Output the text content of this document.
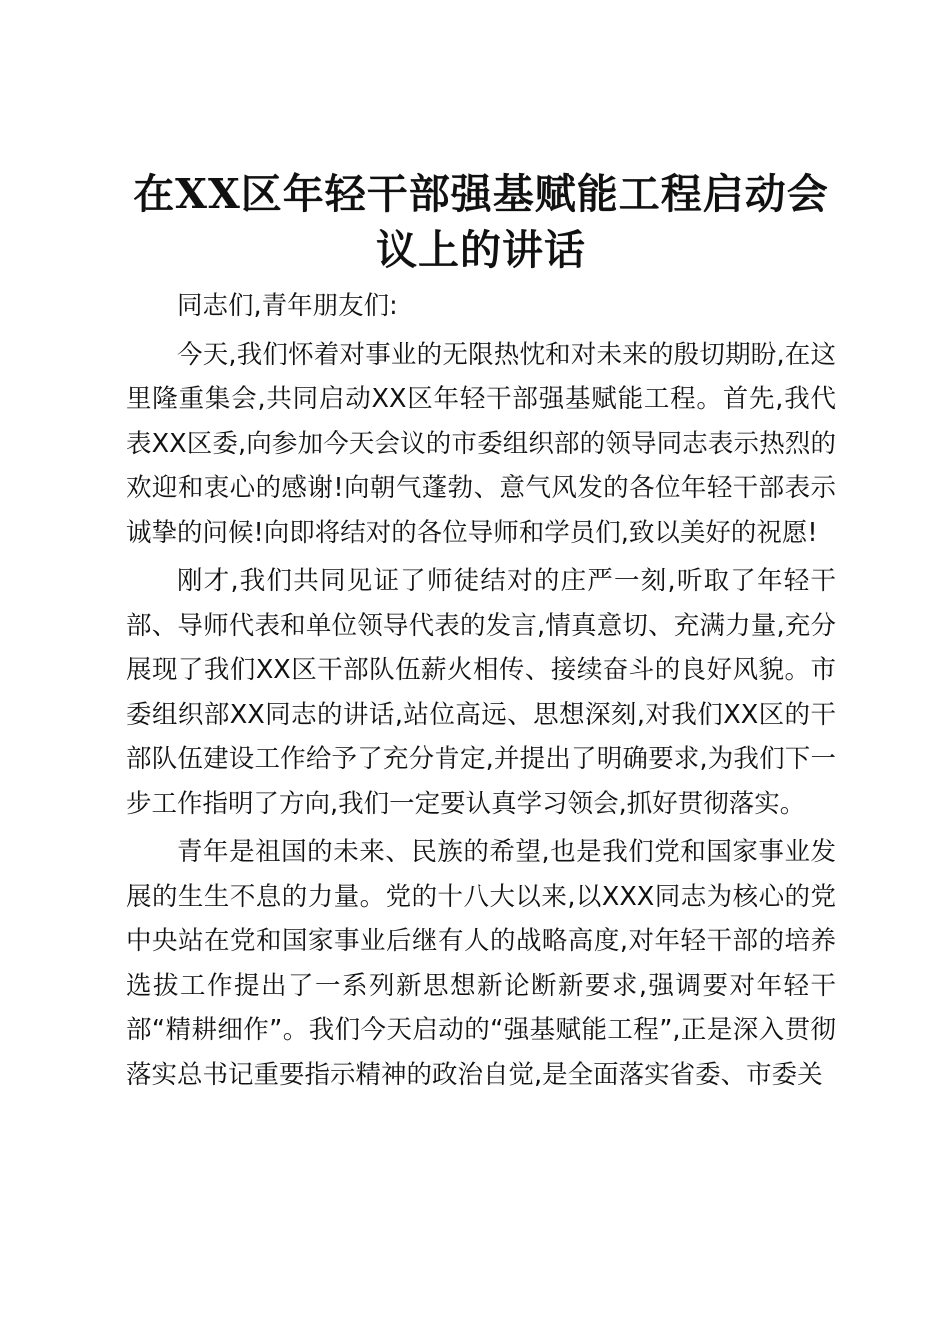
在XX区年轻干部强基赋能工程启动会议上的讲话

同志们,青年朋友们:

今天,我们怀着对事业的无限热忱和对未来的殷切期盼,在这里隆重集会,共同启动XX区年轻干部强基赋能工程。首先,我代表XX区委,向参加今天会议的市委组织部的领导同志表示热烈的欢迎和衷心的感谢!向朝气蓬勃、意气风发的各位年轻干部表示诚挚的问候!向即将结对的各位导师和学员们,致以美好的祝愿!

刚才,我们共同见证了师徒结对的庄严一刻,听取了年轻干部、导师代表和单位领导代表的发言,情真意切、充满力量,充分展现了我们XX区干部队伍薪火相传、接续奋斗的良好风貌。市委组织部XX同志的讲话,站位高远、思想深刻,对我们XX区的干部队伍建设工作给予了充分肯定,并提出了明确要求,为我们下一步工作指明了方向,我们一定要认真学习领会,抓好贯彻落实。

青年是祖国的未来、民族的希望,也是我们党和国家事业发展的生生不息的力量。党的十八大以来,以XXX同志为核心的党中央站在党和国家事业后继有人的战略高度,对年轻干部的培养选拔工作提出了一系列新思想新论断新要求,强调要对年轻干部“精耕细作”。我们今天启动的“强基赋能工程”,正是深入贯彻落实总书记重要指示精神的政治自觉,是全面落实省委、市委关
